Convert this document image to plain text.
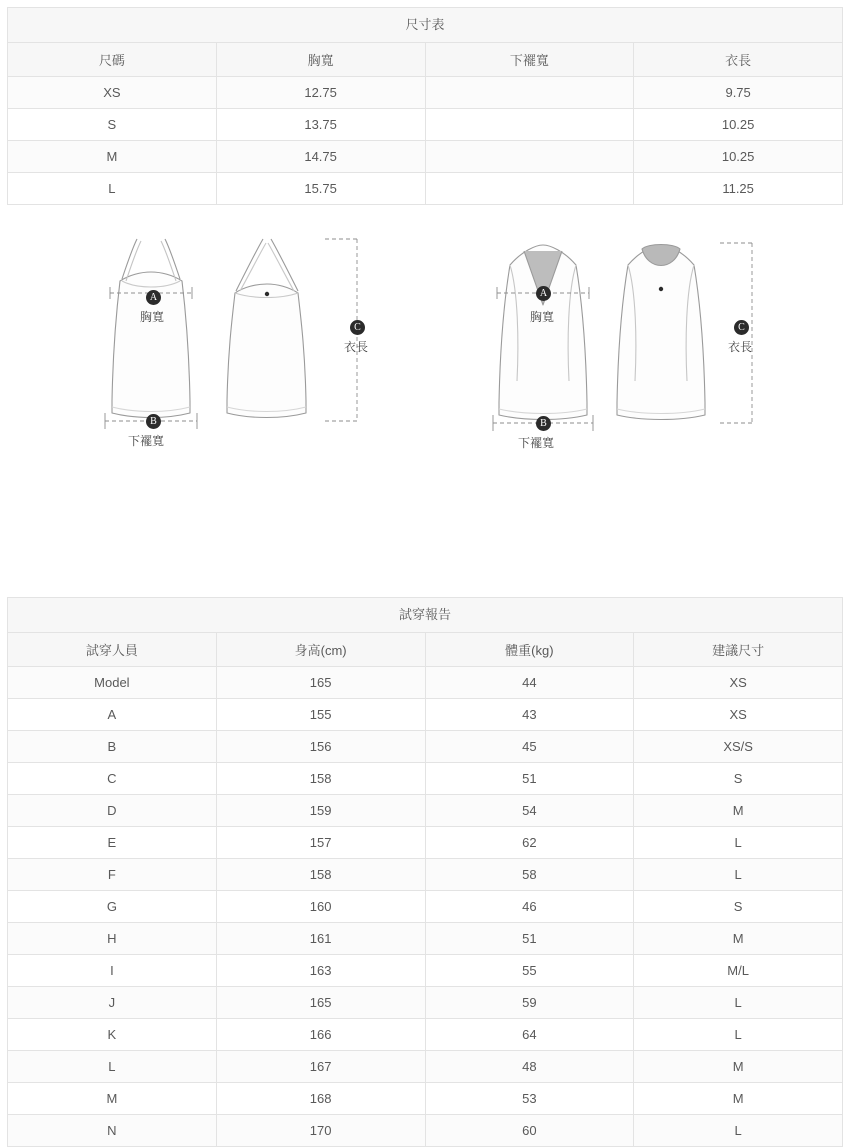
尺寸表
尺碼	胸寬	下襬寬	衣長
XS	12.75		9.75
S	13.75		10.25
M	14.75		10.25
L	15.75		11.25
A
胸寬
C
衣長
B
下襬寬
A
胸寬
C
衣長
B
下襬寬
試穿報告
試穿人員	身高(cm)	體重(kg)	建議尺寸
Model	165	44	XS
A	155	43	XS
B	156	45	XS/S
C	158	51	S
D	159	54	M
E	157	62	L
F	158	58	L
G	160	46	S
H	161	51	M
I	163	55	M/L
J	165	59	L
K	166	64	L
L	167	48	M
M	168	53	M
N	170	60	L
